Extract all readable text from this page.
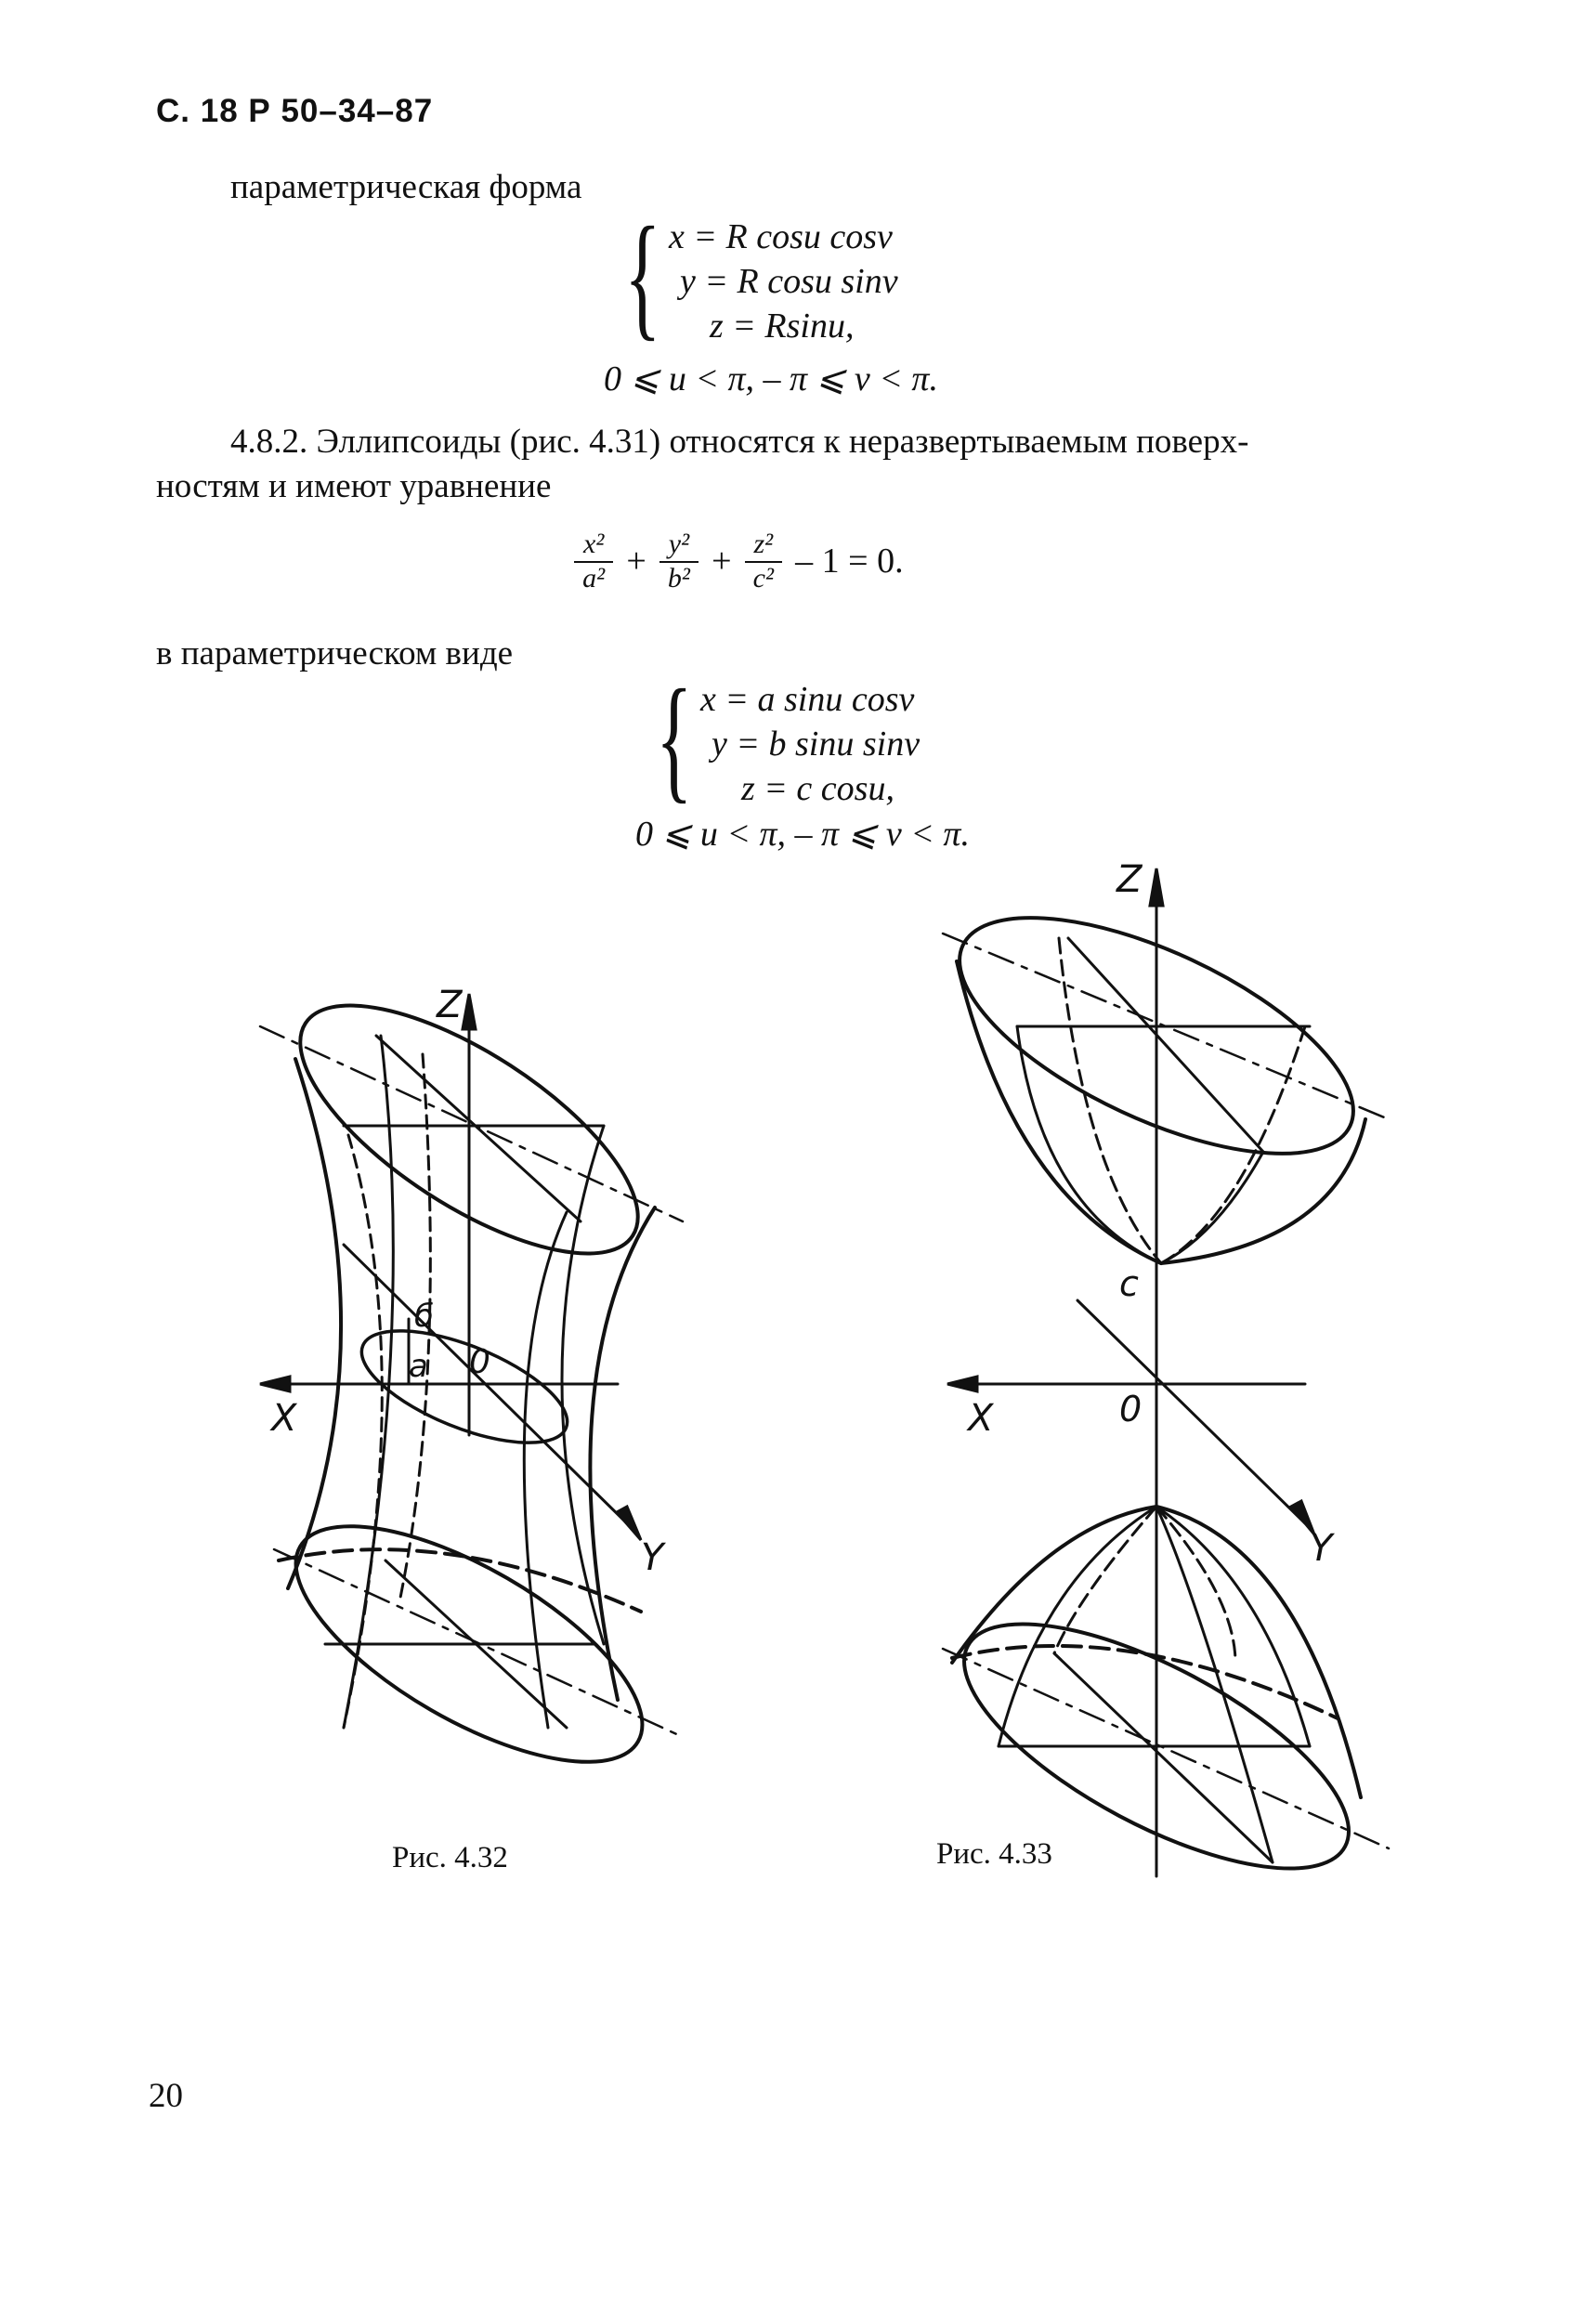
С. 18 Р 50–34–87
параметрическая форма
{ x = R cosu cosv
y = R cosu sinv
z = Rsinu,
0 ⩽ u < π, – π ⩽ v < π.
4.8.2. Эллипсоиды (рис. 4.31) относятся к неразвертываемым поверх-
ностям и имеют уравнение
$\frac{\text{x²}}{\text{a²}} + \frac{\text{y²}}{\text{b²}} + \frac{\text{z²}}{\text{c²}} - 1 = 0$.
в параметрическом виде
{ x = a sinu cosv
y = b sinu sinv
z = c cosu,
0 ⩽ u < π, – π ⩽ v < π.
Z
X
Y
0
a
б
Z
X
Y
0
c
Рис. 4.32	Рис. 4.33
20
